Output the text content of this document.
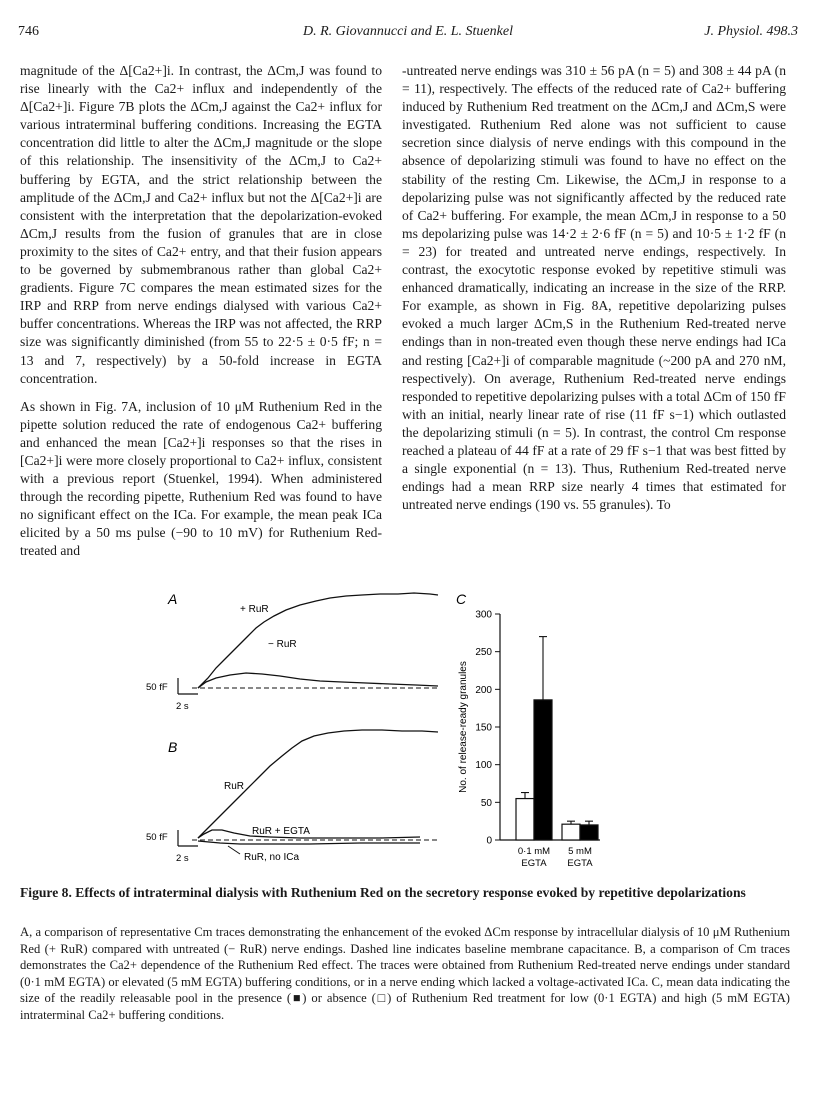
746	D. R. Giovannucci and E. L. Stuenkel	J. Physiol. 498.3

magnitude of the Δ[Ca2+]i. In contrast, the ΔCm,J was found to rise linearly with the Ca2+ influx and independently of the Δ[Ca2+]i. Figure 7B plots the ΔCm,J against the Ca2+ influx for various intraterminal buffering conditions. Increasing the EGTA concentration did little to alter the ΔCm,J magnitude or the slope of this relationship. The insensitivity of the ΔCm,J to Ca2+ buffering by EGTA, and the strict relationship between the amplitude of the ΔCm,J and Ca2+ influx but not the Δ[Ca2+]i are consistent with the interpretation that the depolarization-evoked ΔCm,J results from the fusion of granules that are in close proximity to the sites of Ca2+ entry, and that their fusion appears to be governed by submembranous rather than global Ca2+ gradients. Figure 7C compares the mean estimated sizes for the IRP and RRP from nerve endings dialysed with various Ca2+ buffer concentrations. Whereas the IRP was not affected, the RRP size was significantly diminished (from 55 to 22·5 ± 0·5 fF; n = 13 and 7, respectively) by a 50-fold increase in EGTA concentration.

As shown in Fig. 7A, inclusion of 10 μM Ruthenium Red in the pipette solution reduced the rate of endogenous Ca2+ buffering and enhanced the mean [Ca2+]i responses so that the rises in [Ca2+]i were more closely proportional to Ca2+ influx, consistent with a previous report (Stuenkel, 1994). When administered through the recording pipette, Ruthenium Red was found to have no significant effect on the ICa. For example, the mean peak ICa elicited by a 50 ms pulse (−90 to 10 mV) for Ruthenium Red-treated and

-untreated nerve endings was 310 ± 56 pA (n = 5) and 308 ± 44 pA (n = 11), respectively. The effects of the reduced rate of Ca2+ buffering induced by Ruthenium Red treatment on the ΔCm,J and ΔCm,S were investigated. Ruthenium Red alone was not sufficient to cause secretion since dialysis of nerve endings with this compound in the absence of depolarizing stimuli was found to have no effect on the stability of the resting Cm. Likewise, the ΔCm,J in response to a depolarizing pulse was not significantly affected by the reduced rate of Ca2+ buffering. For example, the mean ΔCm,J in response to a 50 ms depolarizing pulse was 14·2 ± 2·6 fF (n = 5) and 10·5 ± 1·2 fF (n = 23) for treated and untreated nerve endings, respectively. In contrast, the exocytotic response evoked by repetitive stimuli was enhanced dramatically, indicating an increase in the size of the RRP. For example, as shown in Fig. 8A, repetitive depolarizing pulses evoked a much larger ΔCm,S in the Ruthenium Red-treated nerve endings than in non-treated even though these nerve endings had ICa and resting [Ca2+]i of comparable magnitude (~200 pA and 270 nM, respectively). On average, Ruthenium Red-treated nerve endings responded to repetitive depolarizing pulses with a total ΔCm of 150 fF with an initial, nearly linear rate of rise (11 fF s−1) which outlasted the depolarizing stimuli (n = 5). In contrast, the control Cm response reached a plateau of 44 fF at a rate of 29 fF s−1 that was best fitted by a single exponential (n = 13). Thus, Ruthenium Red-treated nerve endings had a mean RRP size nearly 4 times that estimated for untreated nerve endings (190 vs. 55 granules). To

A
+ RuR
− RuR
50 fF
2 s
B
RuR
RuR + EGTA
RuR, no ICa
50 fF
2 s
C
0
50
100
150
200
250
300
No. of release-ready granules
0·1 mM
EGTA
5 mM
EGTA
Figure 8. Effects of intraterminal dialysis with Ruthenium Red on the secretory response evoked by repetitive depolarizations
A, a comparison of representative Cm traces demonstrating the enhancement of the evoked ΔCm response by intracellular dialysis of 10 μM Ruthenium Red (+ RuR) compared with untreated (− RuR) nerve endings. Dashed line indicates baseline membrane capacitance. B, a comparison of Cm traces demonstrates the Ca2+ dependence of the Ruthenium Red effect. The traces were obtained from Ruthenium Red-treated nerve endings under standard (0·1 mM EGTA) or elevated (5 mM EGTA) buffering conditions, or in a nerve ending which lacked a voltage-activated ICa. C, mean data indicating the size of the readily releasable pool in the presence (■) or absence (□) of Ruthenium Red treatment for low (0·1 EGTA) and high (5 mM EGTA) intraterminal Ca2+ buffering conditions.
